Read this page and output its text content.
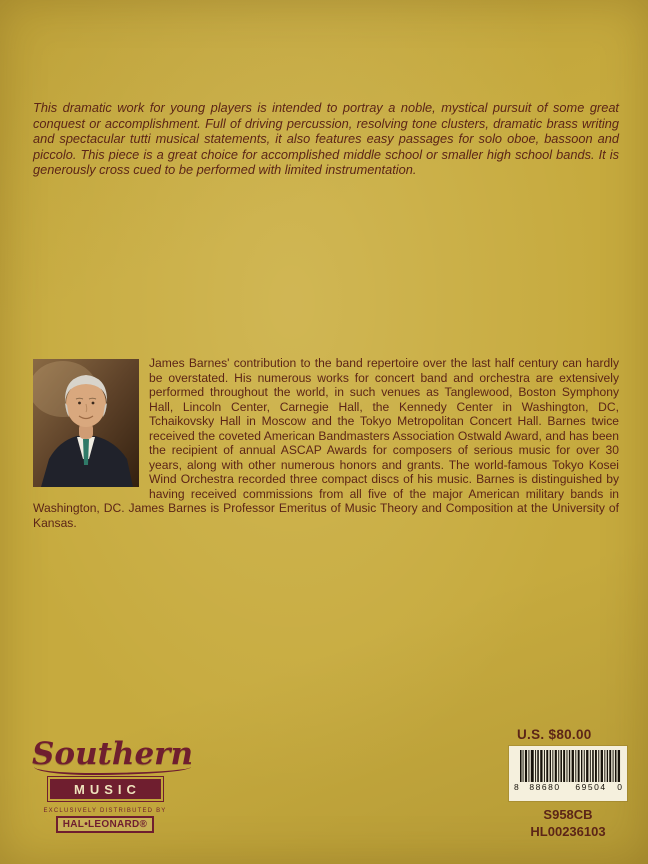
This dramatic work for young players is intended to portray a noble, mystical pursuit of some great conquest or accomplishment. Full of driving percussion, resolving tone clusters, dramatic brass writing and spectacular tutti musical statements, it also features easy passages for solo oboe, bassoon and piccolo. This piece is a great choice for accomplished middle school or smaller high school bands. It is generously cross cued to be performed with limited instrumentation.

James Barnes' contribution to the band repertoire over the last half century can hardly be overstated. His numerous works for concert band and orchestra are extensively performed throughout the world, in such venues as Tanglewood, Boston Symphony Hall, Lincoln Center, Carnegie Hall, the Kennedy Center in Washington, DC, Tchaikovsky Hall in Moscow and the Tokyo Metropolitan Concert Hall. Barnes twice received the coveted American Bandmasters Association Ostwald Award, and has been the recipient of annual ASCAP Awards for composers of serious music for over 30 years, along with other numerous honors and grants. The world-famous Tokyo Kosei Wind Orchestra recorded three compact discs of his music. Barnes is distinguished by having received commissions from all five of the major American military bands in Washington, DC. James Barnes is Professor Emeritus of Music Theory and Composition at the University of Kansas.

Southern
MUSIC
EXCLUSIVELY DISTRIBUTED BY
HAL•LEONARD®
U.S. $80.00
8	88680	69504	0
S958CB
HL00236103
